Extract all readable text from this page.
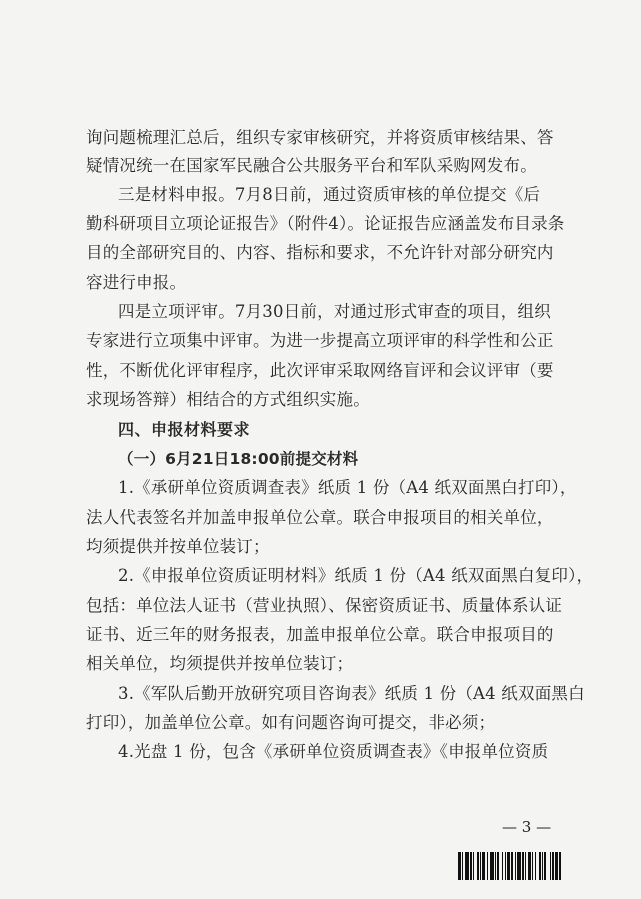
询问题梳理汇总后，组织专家审核研究，并将资质审核结果、答
疑情况统一在国家军民融合公共服务平台和军队采购网发布。
三是材料申报。7月8日前，通过资质审核的单位提交《后
勤科研项目立项论证报告》（附件4）。论证报告应涵盖发布目录条
目的全部研究目的、内容、指标和要求，不允许针对部分研究内
容进行申报。
四是立项评审。7月30日前，对通过形式审查的项目，组织
专家进行立项集中评审。为进一步提高立项评审的科学性和公正
性，不断优化评审程序，此次评审采取网络盲评和会议评审（要
求现场答辩）相结合的方式组织实施。
四、申报材料要求
（一）6月21日18:00前提交材料
1.《承研单位资质调查表》纸质 1 份（A4 纸双面黑白打印），
法人代表签名并加盖申报单位公章。联合申报项目的相关单位，
均须提供并按单位装订；
2.《申报单位资质证明材料》纸质 1 份（A4 纸双面黑白复印），
包括：单位法人证书（营业执照）、保密资质证书、质量体系认证
证书、近三年的财务报表，加盖申报单位公章。联合申报项目的
相关单位，均须提供并按单位装订；
3.《军队后勤开放研究项目咨询表》纸质 1 份（A4 纸双面黑白
打印），加盖单位公章。如有问题咨询可提交，非必须；
4.光盘 1 份，包含《承研单位资质调查表》《申报单位资质
— 3 —
